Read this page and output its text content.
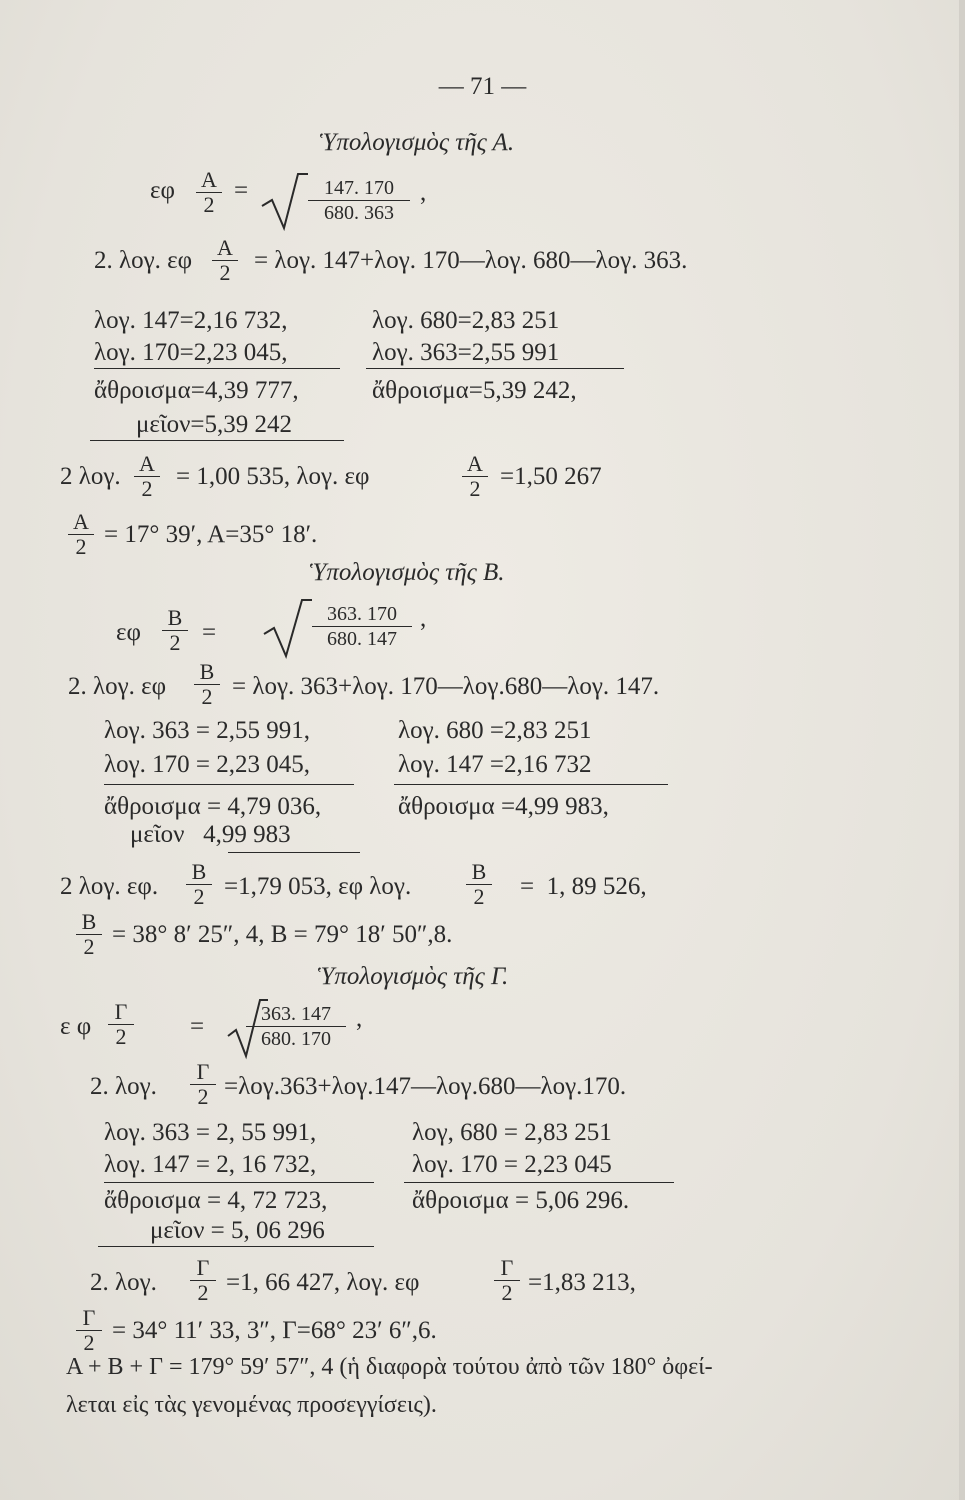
— 71 —
Ὑπολογισμὸς τῆς Α.
εφ $\frac{A}{2}$ =	$\frac{147. 170}{680. 363}$ ,
2. λογ. εφ $\frac{A}{2} = \lambda o\gamma$. 147+λογ. 170—λογ. 680—λογ. 363.
λογ. 147=2,16 732,	λογ. 680=2,83 251
λογ. 170=2,23 045,	λογ. 363=2,55 991
ἄθροισμα=4,39 777,	ἄθροισμα=5,39 242,
μεῖον=5,39 242
2 λογ. $\frac{A}{2} = 1,00$ 535, λογ. εφ	$\frac{A}{2} =1,50$ 267
$\frac{A}{2} = 17^\circ$ 39′, Α=35° 18′.
Ὑπολογισμὸς τῆς Β.
εφ $\frac{B}{2}$ =	$\frac{363. 170}{680. 147}$ ,
2. λογ. εφ $\frac{B}{2} = \lambda o\gamma$. 363+λογ. 170—λογ.680—λογ. 147.
λογ. 363 = 2,55 991,	λογ. 680 =2,83 251
λογ. 170 = 2,23 045,	λογ. 147 =2,16 732
ἄθροισμα = 4,79 036,	ἄθροισμα =4,99 983,
μεῖον   4,99 983
2 λογ. εφ. $\frac{B}{2} =1,79$ 053, εφ λογ. $\frac{B}{2} = 1$, 89 526,
$\frac{B}{2} = 38^\circ$ 8′ 25″, 4, Β = 79° 18′ 50″,8.
Ὑπολογισμὸς τῆς Γ.
ε φ $\frac{\Gamma}{2} = \frac{363. 147}{680. 170}$ ,
2. λογ. $\frac{\Gamma}{2}$ =λογ.363+λογ.147—λογ.680—λογ.170.
λογ. 363 = 2, 55 991,	λογ, 680 = 2,83 251
λογ. 147 = 2, 16 732,	λογ. 170 = 2,23 045
ἄθροισμα = 4, 72 723,	ἄθροισμα = 5,06 296.
μεῖον = 5, 06 296
2. λογ. $\frac{\Gamma}{2} =1$, 66 427, λογ. εφ	$\frac{\Gamma}{2} =1,83$ 213,
$\frac{\Gamma}{2} = 34^\circ$ 11′ 33, 3″, Γ=68° 23′ 6″,6.
Α + Β + Γ = 179° 59′ 57″, 4 (ἡ διαφορὰ τούτου ἀπὸ τῶν 180° ὀφεί-
λεται εἰς τὰς γενομένας προσεγγίσεις).
